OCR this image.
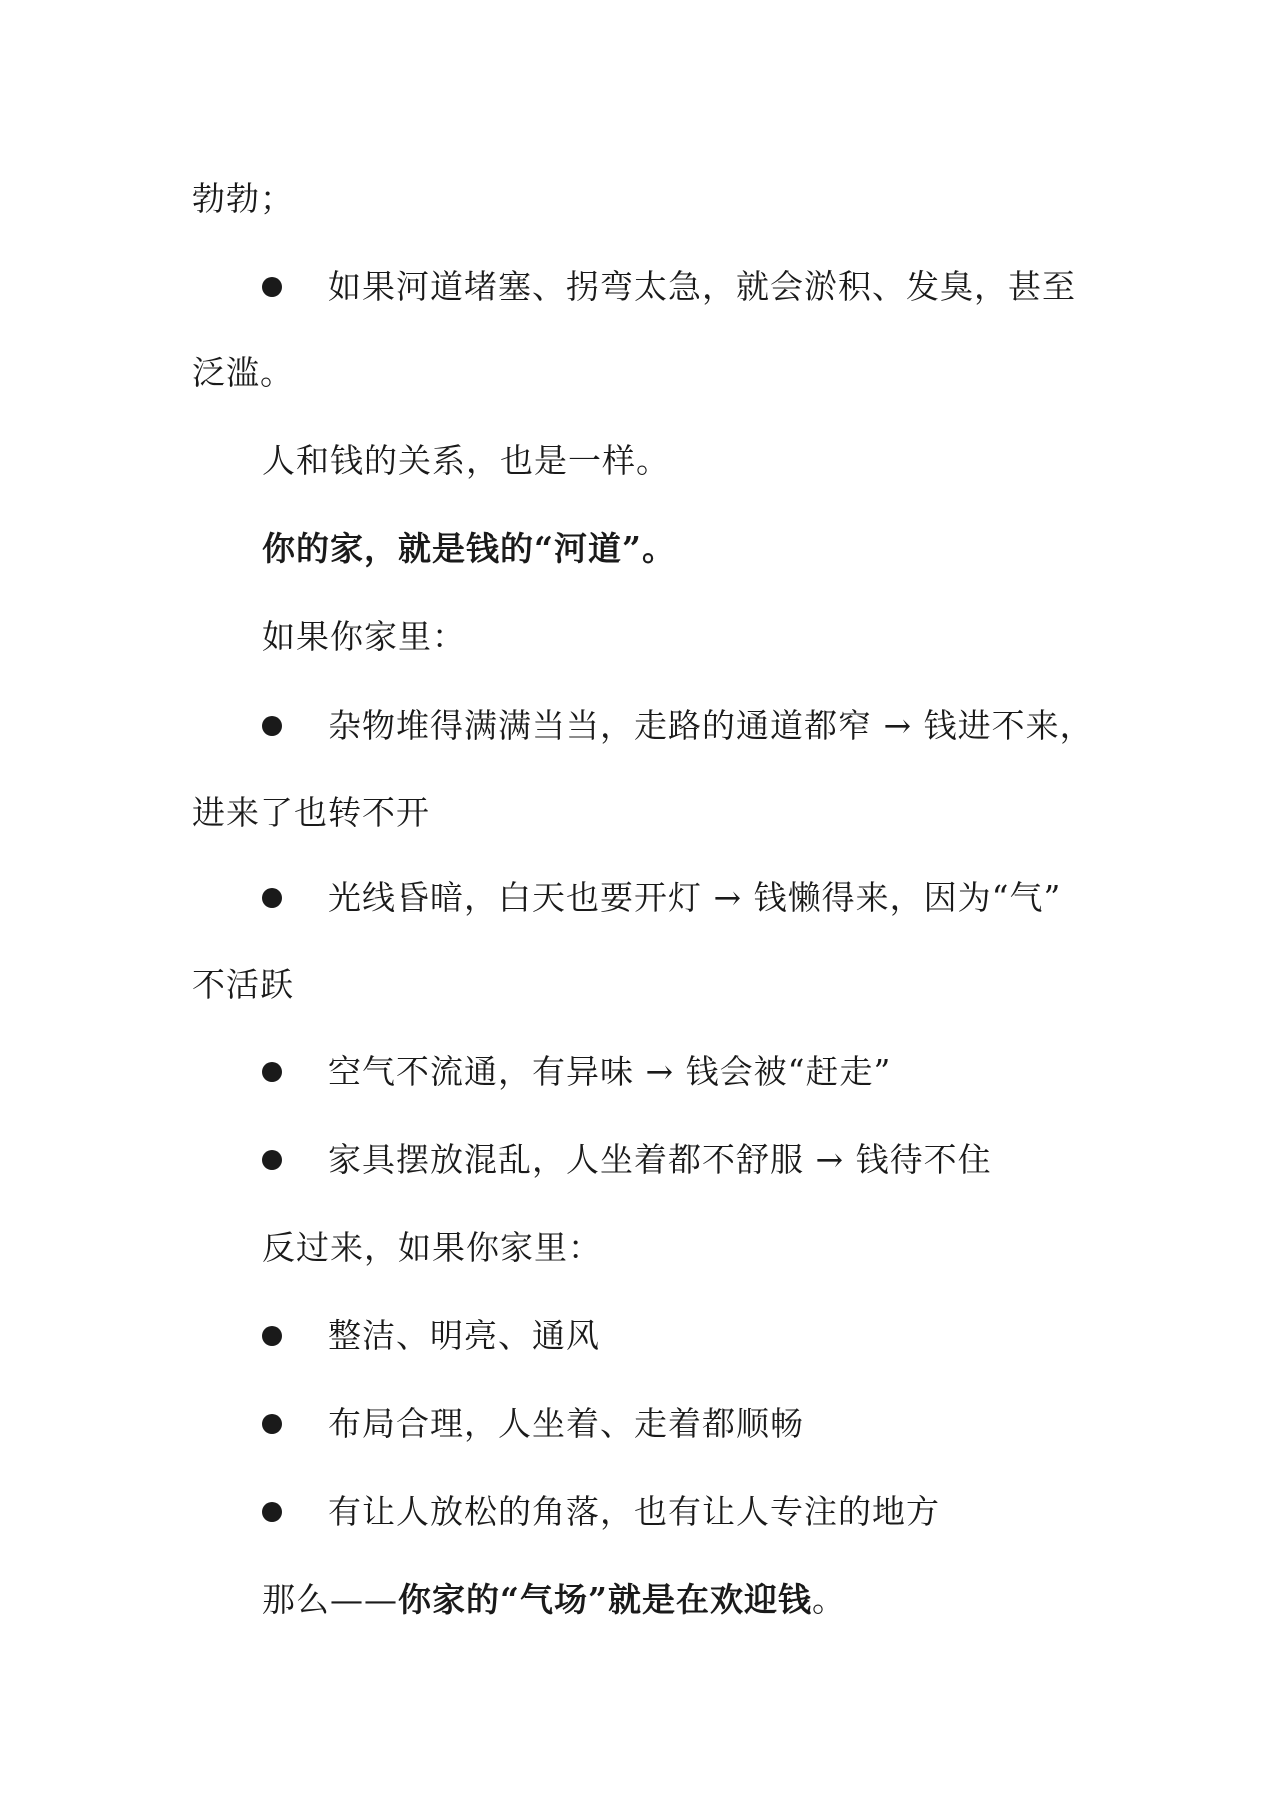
勃勃；
如果河道堵塞、拐弯太急，就会淤积、发臭，甚至
泛滥。
人和钱的关系，也是一样。
你的家，就是钱的“河道”。
如果你家里：
杂物堆得满满当当，走路的通道都窄 → 钱进不来，
进来了也转不开
光线昏暗，白天也要开灯 → 钱懒得来，因为“气”
不活跃
空气不流通，有异味 → 钱会被“赶走”
家具摆放混乱，人坐着都不舒服 → 钱待不住
反过来，如果你家里：
整洁、明亮、通风
布局合理，人坐着、走着都顺畅
有让人放松的角落，也有让人专注的地方
那么——你家的“气场”就是在欢迎钱。
